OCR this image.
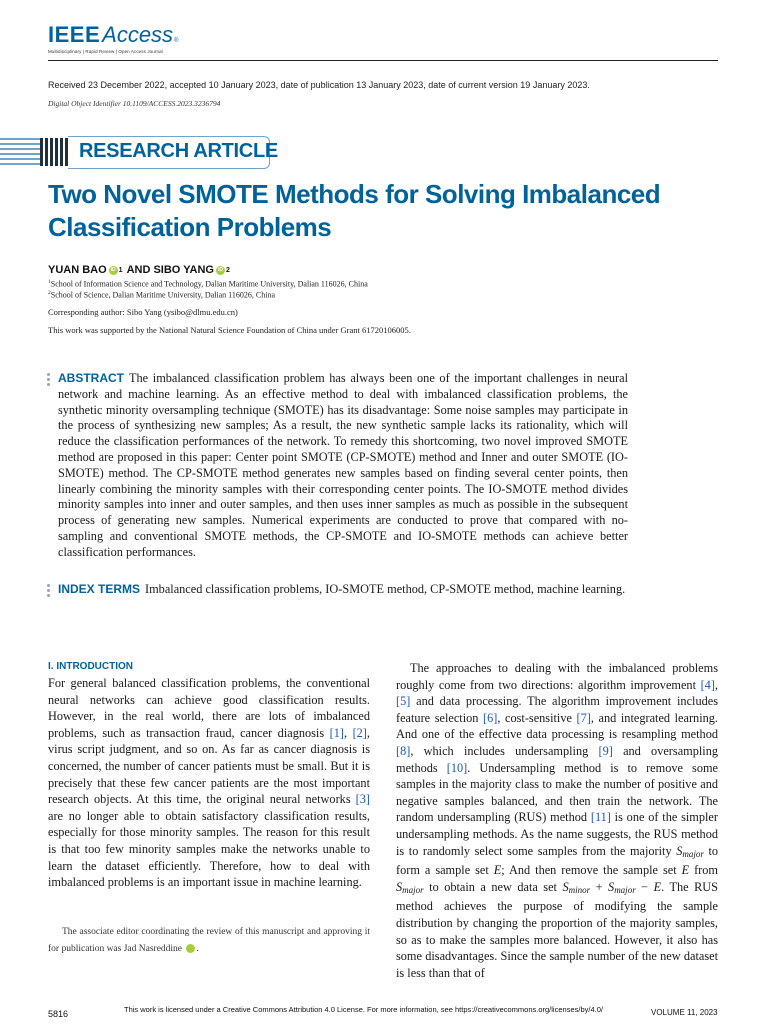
IEEE Access ®
Multidisciplinary | Rapid Review | Open Access Journal
Received 23 December 2022, accepted 10 January 2023, date of publication 13 January 2023, date of current version 19 January 2023.
Digital Object Identifier 10.1109/ACCESS.2023.3236794
RESEARCH ARTICLE
Two Novel SMOTE Methods for Solving Imbalanced Classification Problems
YUAN BAO iD 1 AND SIBO YANG iD 2
$^1$School of Information Science and Technology, Dalian Maritime University, Dalian 116026, China
$^2$School of Science, Dalian Maritime University, Dalian 116026, China
Corresponding author: Sibo Yang (ysibo@dlmu.edu.cn)
This work was supported by the National Natural Science Foundation of China under Grant 61720106005.
ABSTRACT The imbalanced classification problem has always been one of the important challenges in neural network and machine learning. As an effective method to deal with imbalanced classification problems, the synthetic minority oversampling technique (SMOTE) has its disadvantage: Some noise samples may participate in the process of synthesizing new samples; As a result, the new synthetic sample lacks its rationality, which will reduce the classification performances of the network. To remedy this shortcoming, two novel improved SMOTE method are proposed in this paper: Center point SMOTE (CP-SMOTE) method and Inner and outer SMOTE (IO-SMOTE) method. The CP-SMOTE method generates new samples based on finding several center points, then linearly combining the minority samples with their corresponding center points. The IO-SMOTE method divides minority samples into inner and outer samples, and then uses inner samples as much as possible in the subsequent process of generating new samples. Numerical experiments are conducted to prove that compared with no-sampling and conventional SMOTE methods, the CP-SMOTE and IO-SMOTE methods can achieve better classification performances.
INDEX TERMS Imbalanced classification problems, IO-SMOTE method, CP-SMOTE method, machine learning.
I. INTRODUCTION

For general balanced classification problems, the conventional neural networks can achieve good classification results. However, in the real world, there are lots of imbalanced problems, such as transaction fraud, cancer diagnosis [1], [2], virus script judgment, and so on. As far as cancer diagnosis is concerned, the number of cancer patients must be small. But it is precisely that these few cancer patients are the most important research objects. At this time, the original neural networks [3] are no longer able to obtain satisfactory classification results, especially for those minority samples. The reason for this result is that too few minority samples make the networks unable to learn the dataset efficiently. Therefore, how to deal with imbalanced problems is an important issue in machine learning.

The approaches to dealing with the imbalanced problems roughly come from two directions: algorithm improvement [4], [5] and data processing. The algorithm improvement includes feature selection [6], cost-sensitive [7], and integrated learning. And one of the effective data processing is resampling method [8], which includes undersampling [9] and oversampling methods [10]. Undersampling method is to remove some samples in the majority class to make the number of positive and negative samples balanced, and then train the network. The random undersampling (RUS) method [11] is one of the simpler undersampling methods. As the name suggests, the RUS method is to randomly select some samples from the majority Smajor to form a sample set E; And then remove the sample set E from Smajor to obtain a new data set Sminor + Smajor − E. The RUS method achieves the purpose of modifying the sample distribution by changing the proportion of the majority samples, so as to make the samples more balanced. However, it also has some disadvantages. Since the sample number of the new dataset is less than that of

The associate editor coordinating the review of this manuscript and approving it for publication was Jad Nasreddine	iD.
5816	This work is licensed under a Creative Commons Attribution 4.0 License. For more information, see https://creativecommons.org/licenses/by/4.0/	VOLUME 11, 2023
